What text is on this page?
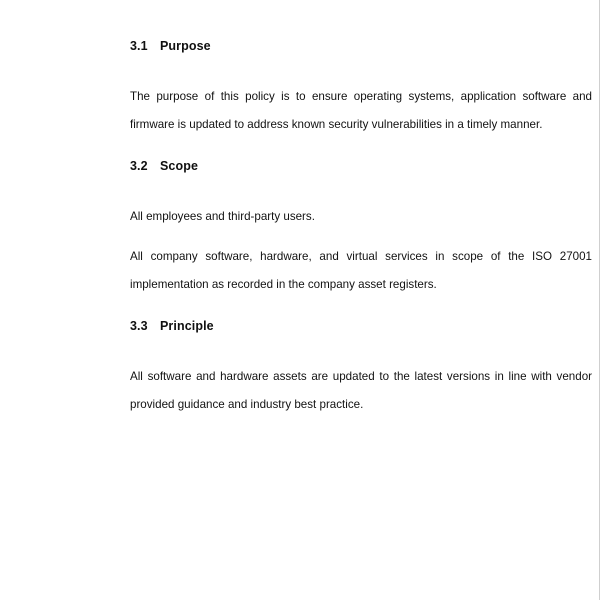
3.1 Purpose

The purpose of this policy is to ensure operating systems, application software and firmware is updated to address known security vulnerabilities in a timely manner.

3.2 Scope

All employees and third-party users.

All company software, hardware, and virtual services in scope of the ISO 27001 implementation as recorded in the company asset registers.

3.3 Principle

All software and hardware assets are updated to the latest versions in line with vendor provided guidance and industry best practice.
